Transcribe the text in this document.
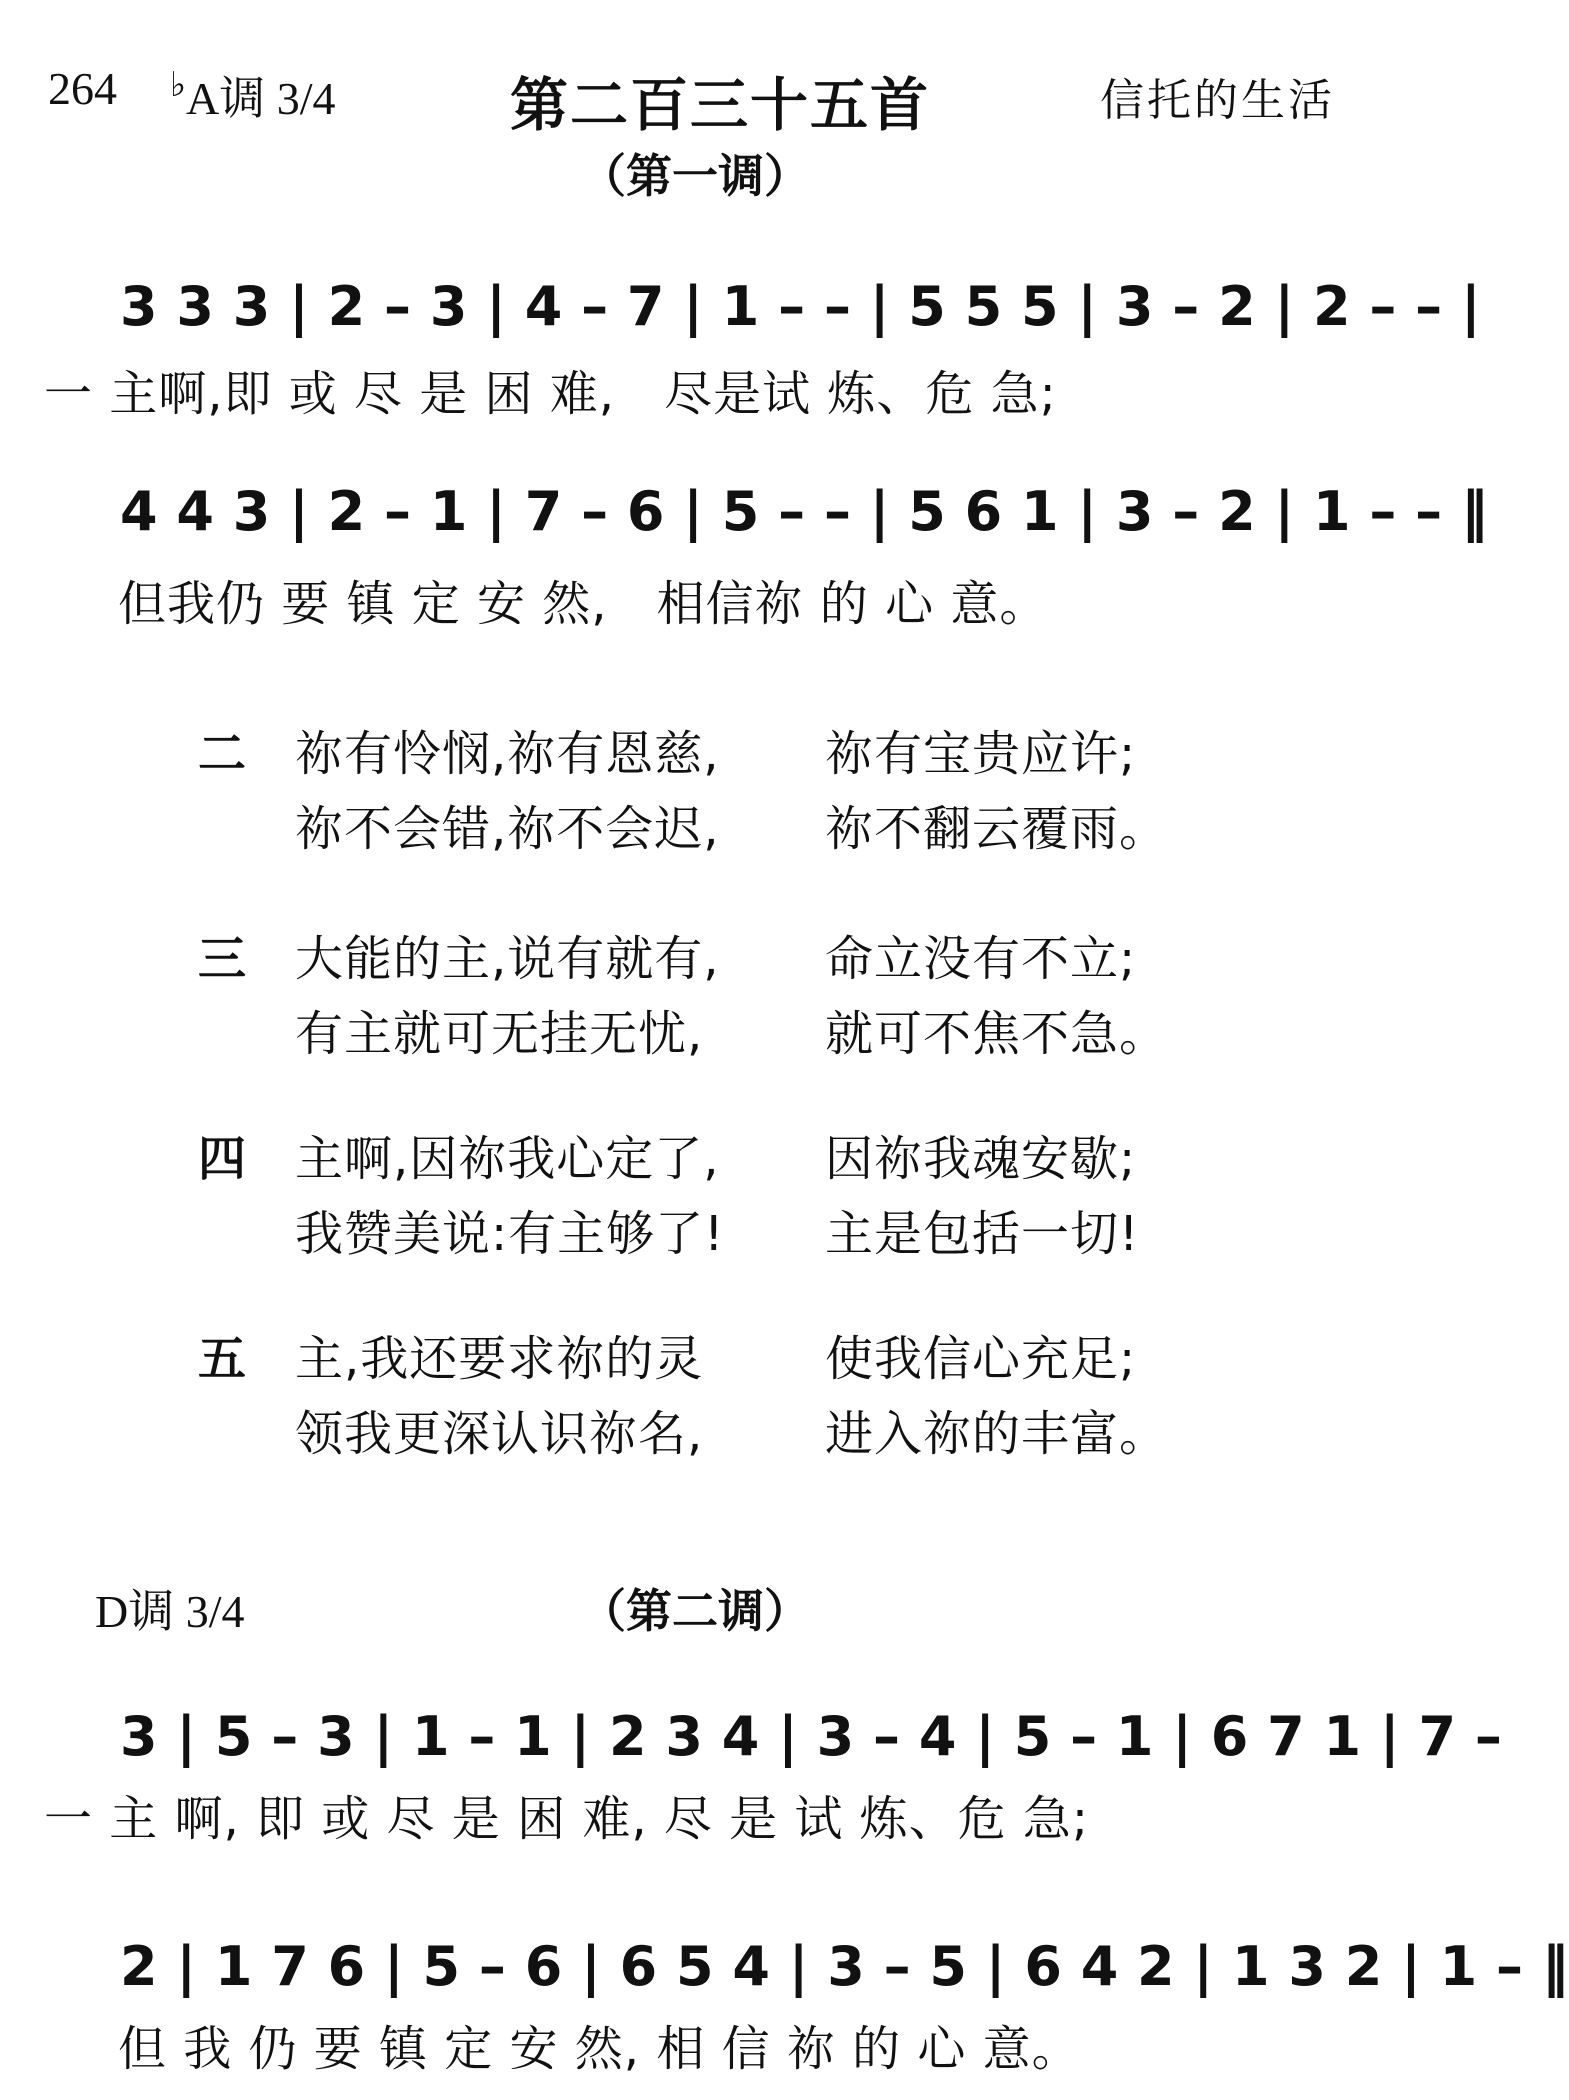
264 ♭A调 3/4	第二百三十五首	信托的生活
（第一调）
3 3 3 | 2 – 3 | 4 – 7 | 1 – – | 5 5 5 | 3 – 2 | 2 – – |
一 主啊,即 或 尽 是 困 难,　尽是试 炼、危 急;
4 4 3 | 2 – 1 | 7 – 6 | 5 – – | 5 6 1 | 3 – 2 | 1 – – ‖
但我仍 要 镇 定 安 然,　相信祢 的 心 意。
二 祢有怜悯,祢有恩慈, 祢有宝贵应许;
祢不会错,祢不会迟, 祢不翻云覆雨。
三 大能的主,说有就有, 命立没有不立;
有主就可无挂无忧,	就可不焦不急。
四 主啊,因祢我心定了, 因祢我魂安歇;
我赞美说:有主够了! 主是包括一切!
五 主,我还要求祢的灵	使我信心充足;
领我更深认识祢名,	进入祢的丰富。
D调 3/4	（第二调）
3 | 5 – 3 | 1 – 1 | 2 3 4 | 3 – 4 | 5 – 1 | 6 7 1 | 7 –
一 主 啊, 即 或 尽 是 困 难, 尽 是 试 炼、危 急;
2 | 1 7 6 | 5 – 6 | 6 5 4 | 3 – 5 | 6 4 2 | 1 3 2 | 1 – ‖
但 我 仍 要 镇 定 安 然, 相 信 祢 的 心 意。
